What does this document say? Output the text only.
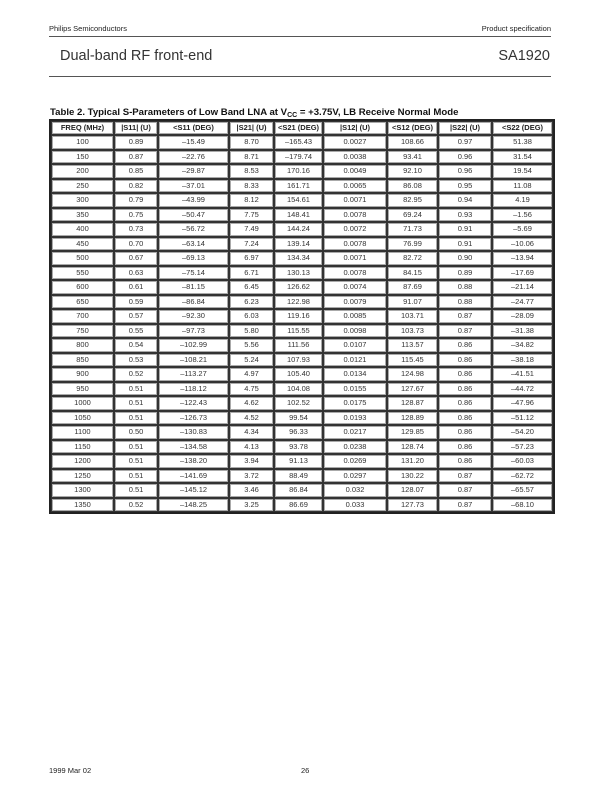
Philips Semiconductors	Product specification
Dual-band RF front-end	SA1920
Table 2. Typical S-Parameters of Low Band LNA at $V_{CC} = +3.75V$, LB Receive Normal Mode
FREQ (MHz)	|S11| (U)	<S11 (DEG)	|S21| (U)	<S21 (DEG)	|S12| (U)	<S12 (DEG)	|S22| (U)	<S22 (DEG)
100	0.89	–15.49	8.70	–165.43	0.0027	108.66	0.97	51.38
150	0.87	–22.76	8.71	–179.74	0.0038	93.41	0.96	31.54
200	0.85	–29.87	8.53	170.16	0.0049	92.10	0.96	19.54
250	0.82	–37.01	8.33	161.71	0.0065	86.08	0.95	11.08
300	0.79	–43.99	8.12	154.61	0.0071	82.95	0.94	4.19
350	0.75	–50.47	7.75	148.41	0.0078	69.24	0.93	–1.56
400	0.73	–56.72	7.49	144.24	0.0072	71.73	0.91	–5.69
450	0.70	–63.14	7.24	139.14	0.0078	76.99	0.91	–10.06
500	0.67	–69.13	6.97	134.34	0.0071	82.72	0.90	–13.94
550	0.63	–75.14	6.71	130.13	0.0078	84.15	0.89	–17.69
600	0.61	–81.15	6.45	126.62	0.0074	87.69	0.88	–21.14
650	0.59	–86.84	6.23	122.98	0.0079	91.07	0.88	–24.77
700	0.57	–92.30	6.03	119.16	0.0085	103.71	0.87	–28.09
750	0.55	–97.73	5.80	115.55	0.0098	103.73	0.87	–31.38
800	0.54	–102.99	5.56	111.56	0.0107	113.57	0.86	–34.82
850	0.53	–108.21	5.24	107.93	0.0121	115.45	0.86	–38.18
900	0.52	–113.27	4.97	105.40	0.0134	124.98	0.86	–41.51
950	0.51	–118.12	4.75	104.08	0.0155	127.67	0.86	–44.72
1000	0.51	–122.43	4.62	102.52	0.0175	128.87	0.86	–47.96
1050	0.51	–126.73	4.52	99.54	0.0193	128.89	0.86	–51.12
1100	0.50	–130.83	4.34	96.33	0.0217	129.85	0.86	–54.20
1150	0.51	–134.58	4.13	93.78	0.0238	128.74	0.86	–57.23
1200	0.51	–138.20	3.94	91.13	0.0269	131.20	0.86	–60.03
1250	0.51	–141.69	3.72	88.49	0.0297	130.22	0.87	–62.72
1300	0.51	–145.12	3.46	86.84	0.032	128.07	0.87	–65.57
1350	0.52	–148.25	3.25	86.69	0.033	127.73	0.87	–68.10
1999 Mar 02	26
